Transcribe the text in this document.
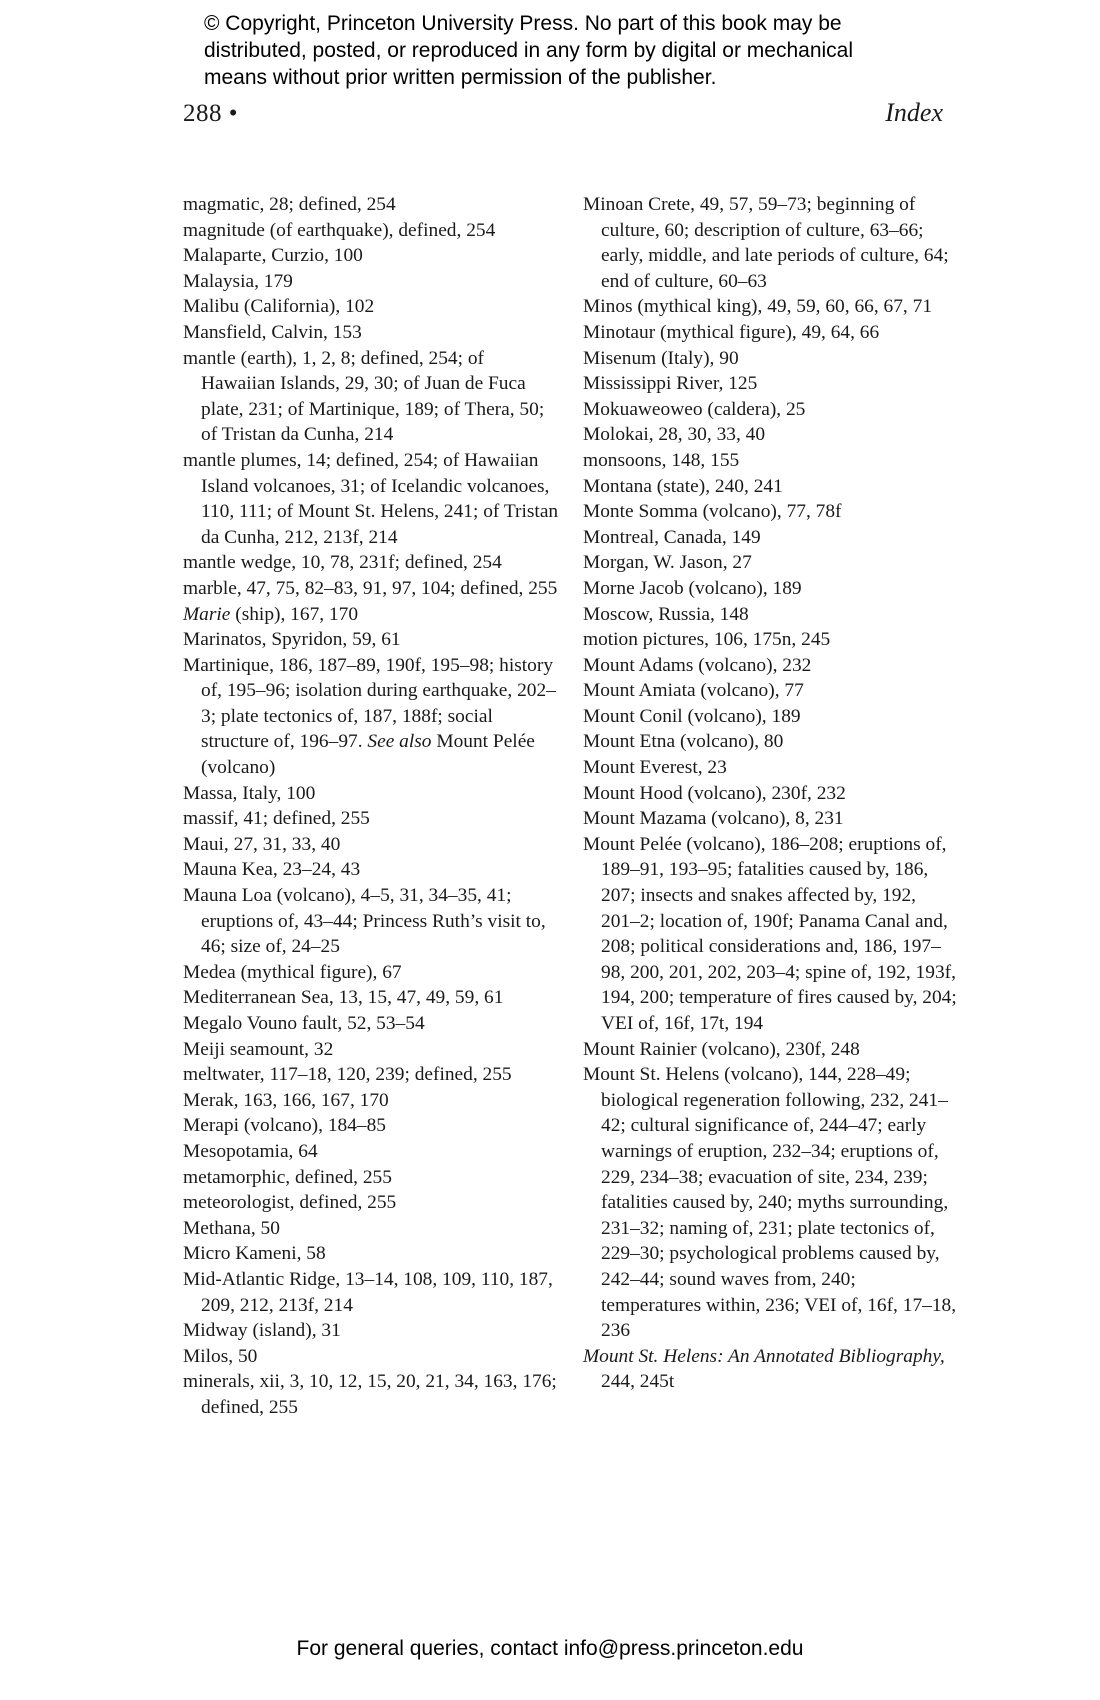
© Copyright, Princeton University Press. No part of this book may be
distributed, posted, or reproduced in any form by digital or mechanical
means without prior written permission of the publisher.
288 •	Index
magmatic, 28; defined, 254
magnitude (of earthquake), defined, 254
Malaparte, Curzio, 100
Malaysia, 179
Malibu (California), 102
Mansfield, Calvin, 153
mantle (earth), 1, 2, 8; defined, 254; of Hawaiian Islands, 29, 30; of Juan de Fuca plate, 231; of Martinique, 189; of Thera, 50; of Tristan da Cunha, 214
mantle plumes, 14; defined, 254; of Hawaiian Island volcanoes, 31; of Icelandic volcanoes, 110, 111; of Mount St. Helens, 241; of Tristan da Cunha, 212, 213f, 214
mantle wedge, 10, 78, 231f; defined, 254
marble, 47, 75, 82–83, 91, 97, 104; defined, 255
Marie (ship), 167, 170
Marinatos, Spyridon, 59, 61
Martinique, 186, 187–89, 190f, 195–98; history of, 195–96; isolation during earthquake, 202–3; plate tectonics of, 187, 188f; social structure of, 196–97. See also Mount Pelée (volcano)
Massa, Italy, 100
massif, 41; defined, 255
Maui, 27, 31, 33, 40
Mauna Kea, 23–24, 43
Mauna Loa (volcano), 4–5, 31, 34–35, 41; eruptions of, 43–44; Princess Ruth’s visit to, 46; size of, 24–25
Medea (mythical figure), 67
Mediterranean Sea, 13, 15, 47, 49, 59, 61
Megalo Vouno fault, 52, 53–54
Meiji seamount, 32
meltwater, 117–18, 120, 239; defined, 255
Merak, 163, 166, 167, 170
Merapi (volcano), 184–85
Mesopotamia, 64
metamorphic, defined, 255
meteorologist, defined, 255
Methana, 50
Micro Kameni, 58
Mid-Atlantic Ridge, 13–14, 108, 109, 110, 187, 209, 212, 213f, 214
Midway (island), 31
Milos, 50
minerals, xii, 3, 10, 12, 15, 20, 21, 34, 163, 176; defined, 255
Minoan Crete, 49, 57, 59–73; beginning of culture, 60; description of culture, 63–66; early, middle, and late periods of culture, 64; end of culture, 60–63
Minos (mythical king), 49, 59, 60, 66, 67, 71
Minotaur (mythical figure), 49, 64, 66
Misenum (Italy), 90
Mississippi River, 125
Mokuaweoweo (caldera), 25
Molokai, 28, 30, 33, 40
monsoons, 148, 155
Montana (state), 240, 241
Monte Somma (volcano), 77, 78f
Montreal, Canada, 149
Morgan, W. Jason, 27
Morne Jacob (volcano), 189
Moscow, Russia, 148
motion pictures, 106, 175n, 245
Mount Adams (volcano), 232
Mount Amiata (volcano), 77
Mount Conil (volcano), 189
Mount Etna (volcano), 80
Mount Everest, 23
Mount Hood (volcano), 230f, 232
Mount Mazama (volcano), 8, 231
Mount Pelée (volcano), 186–208; eruptions of, 189–91, 193–95; fatalities caused by, 186, 207; insects and snakes affected by, 192, 201–2; location of, 190f; Panama Canal and, 208; political considerations and, 186, 197–98, 200, 201, 202, 203–4; spine of, 192, 193f, 194, 200; temperature of fires caused by, 204; VEI of, 16f, 17t, 194
Mount Rainier (volcano), 230f, 248
Mount St. Helens (volcano), 144, 228–49; biological regeneration following, 232, 241–42; cultural significance of, 244–47; early warnings of eruption, 232–34; eruptions of, 229, 234–38; evacuation of site, 234, 239; fatalities caused by, 240; myths surrounding, 231–32; naming of, 231; plate tectonics of, 229–30; psychological problems caused by, 242–44; sound waves from, 240; temperatures within, 236; VEI of, 16f, 17–18, 236
Mount St. Helens: An Annotated Bibliography, 244, 245t
For general queries, contact info@press.princeton.edu
